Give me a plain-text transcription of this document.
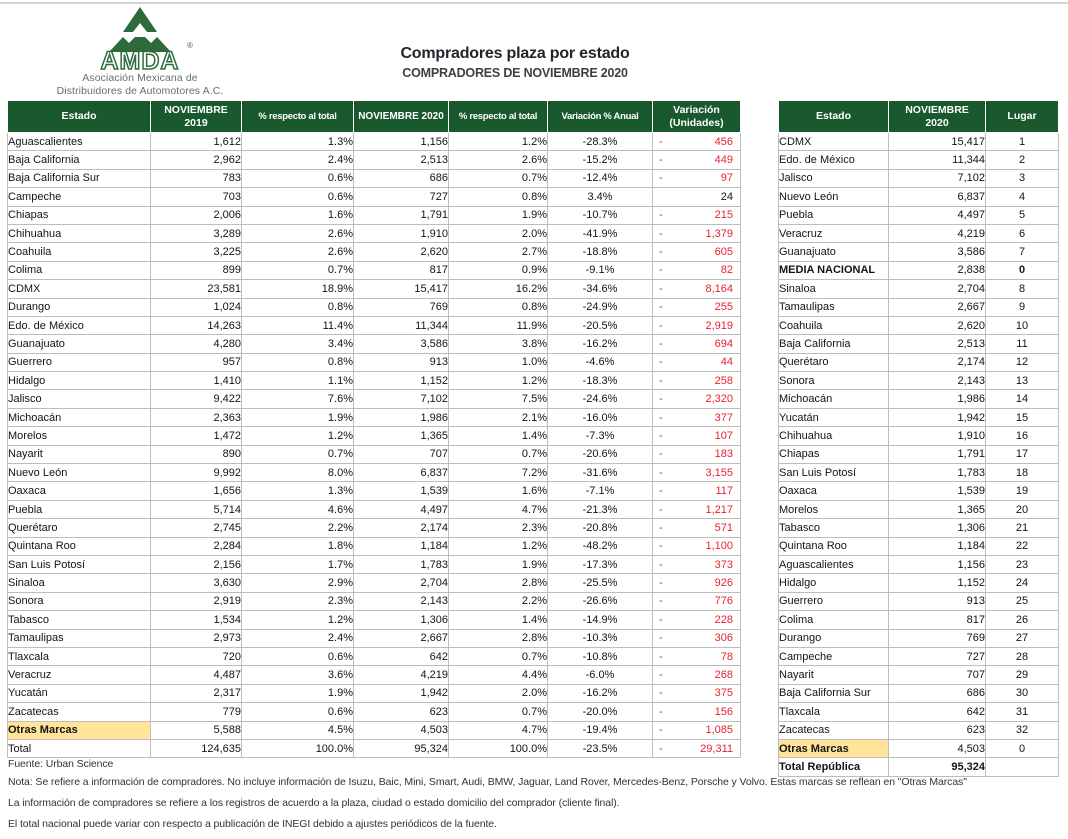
AMDA
®
Asociación Mexicana de
Distribuidores de Automotores A.C.
Compradores plaza por estado
COMPRADORES DE NOVIEMBRE 2020
Estado	NOVIEMBRE 2019	% respecto al total	NOVIEMBRE 2020	% respecto al total	Variación % Anual	Variación (Unidades)
Aguascalientes	1,612	1.3%	1,156	1.2%	-28.3%	- 456

Baja California	2,962	2.4%	2,513	2.6%	-15.2%	- 449

Baja California Sur	783	0.6%	686	0.7%	-12.4%	- 97

Campeche	703	0.6%	727	0.8%	3.4%	24

Chiapas	2,006	1.6%	1,791	1.9%	-10.7%	- 215

Chihuahua	3,289	2.6%	1,910	2.0%	-41.9%	- 1,379

Coahuila	3,225	2.6%	2,620	2.7%	-18.8%	- 605

Colima	899	0.7%	817	0.9%	-9.1%	- 82

CDMX	23,581	18.9%	15,417	16.2%	-34.6%	- 8,164

Durango	1,024	0.8%	769	0.8%	-24.9%	- 255

Edo. de México	14,263	11.4%	11,344	11.9%	-20.5%	- 2,919

Guanajuato	4,280	3.4%	3,586	3.8%	-16.2%	- 694

Guerrero	957	0.8%	913	1.0%	-4.6%	- 44

Hidalgo	1,410	1.1%	1,152	1.2%	-18.3%	- 258

Jalisco	9,422	7.6%	7,102	7.5%	-24.6%	- 2,320

Michoacán	2,363	1.9%	1,986	2.1%	-16.0%	- 377

Morelos	1,472	1.2%	1,365	1.4%	-7.3%	- 107

Nayarit	890	0.7%	707	0.7%	-20.6%	- 183

Nuevo León	9,992	8.0%	6,837	7.2%	-31.6%	- 3,155

Oaxaca	1,656	1.3%	1,539	1.6%	-7.1%	- 117

Puebla	5,714	4.6%	4,497	4.7%	-21.3%	- 1,217

Querétaro	2,745	2.2%	2,174	2.3%	-20.8%	- 571

Quintana Roo	2,284	1.8%	1,184	1.2%	-48.2%	- 1,100

San Luis Potosí	2,156	1.7%	1,783	1.9%	-17.3%	- 373

Sinaloa	3,630	2.9%	2,704	2.8%	-25.5%	- 926

Sonora	2,919	2.3%	2,143	2.2%	-26.6%	- 776

Tabasco	1,534	1.2%	1,306	1.4%	-14.9%	- 228

Tamaulipas	2,973	2.4%	2,667	2.8%	-10.3%	- 306

Tlaxcala	720	0.6%	642	0.7%	-10.8%	- 78

Veracruz	4,487	3.6%	4,219	4.4%	-6.0%	- 268

Yucatán	2,317	1.9%	1,942	2.0%	-16.2%	- 375

Zacatecas	779	0.6%	623	0.7%	-20.0%	- 156

Otras Marcas	5,588	4.5%	4,503	4.7%	-19.4%	- 1,085

Total	124,635	100.0%	95,324	100.0%	-23.5%	- 29,311
Estado	NOVIEMBRE 2020	Lugar
CDMX	15,417	1
Edo. de México	11,344	2
Jalisco	7,102	3
Nuevo León	6,837	4
Puebla	4,497	5
Veracruz	4,219	6
Guanajuato	3,586	7
MEDIA NACIONAL	2,838	0
Sinaloa	2,704	8
Tamaulipas	2,667	9
Coahuila	2,620	10
Baja California	2,513	11
Querétaro	2,174	12
Sonora	2,143	13
Michoacán	1,986	14
Yucatán	1,942	15
Chihuahua	1,910	16
Chiapas	1,791	17
San Luis Potosí	1,783	18
Oaxaca	1,539	19
Morelos	1,365	20
Tabasco	1,306	21
Quintana Roo	1,184	22
Aguascalientes	1,156	23
Hidalgo	1,152	24
Guerrero	913	25
Colima	817	26
Durango	769	27
Campeche	727	28
Nayarit	707	29
Baja California Sur	686	30
Tlaxcala	642	31
Zacatecas	623	32
Otras Marcas	4,503	0
Total República	95,324	

Fuente: Urban Science

Nota: Se refiere a información de compradores. No incluye información de Isuzu, Baic, Mini, Smart, Audi, BMW, Jaguar, Land Rover, Mercedes-Benz, Porsche y Volvo. Estas marcas se reflean en "Otras Marcas"

La información de compradores se refiere a los registros de acuerdo a la plaza, ciudad o estado domicilio del comprador (cliente final).

El total nacional puede variar con respecto a publicación de INEGI debido a ajustes periódicos de la fuente.
